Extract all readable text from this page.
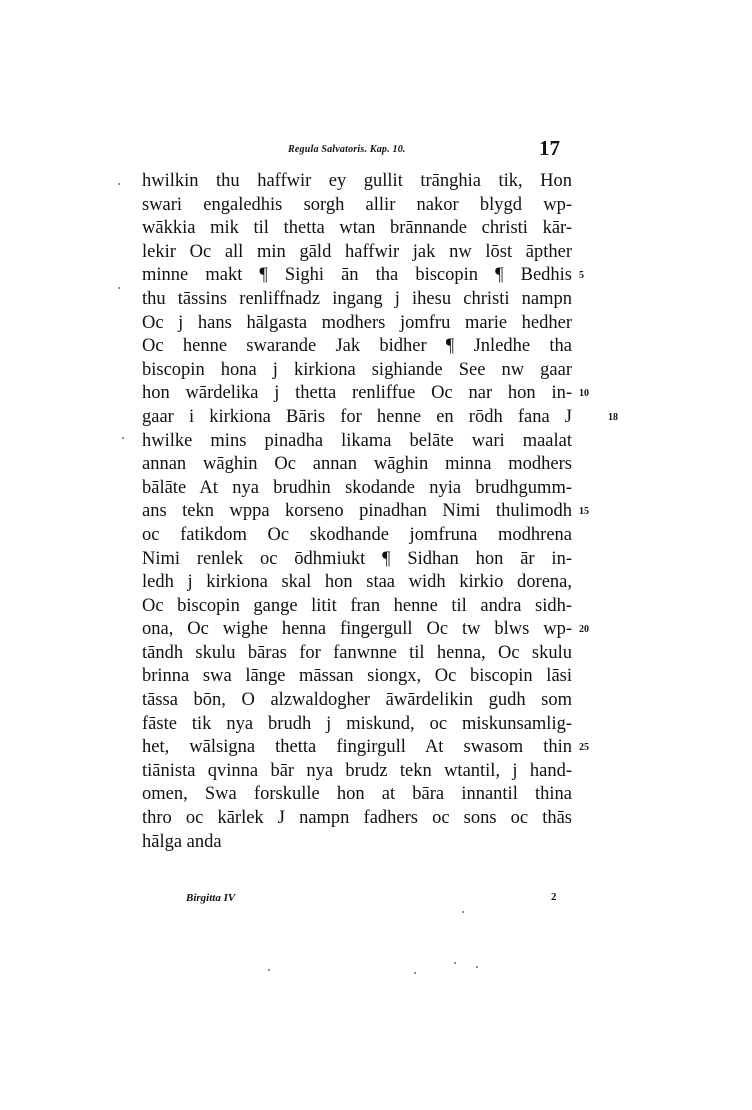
Regula Salvatoris. Kap. 10.	17
hwilkin thu haffwir ey gullit trānghia tik, Hon
swari engaledhis sorgh allir nakor blygd wp-
wākkia mik til thetta wtan brānnande christi kār-
lekir Oc all min gāld haffwir jak nw lōst āpther
minne makt ¶ Sighi ān tha biscopin ¶ Bedhis 5
thu tāssins renliffnadz ingang j ihesu christi nampn
Oc j hans hālgasta modhers jomfru marie hedher
Oc henne swarande Jak bidher ¶ Jnledhe tha
biscopin hona j kirkiona sighiande See nw gaar
hon wārdelika j thetta renliffue Oc nar hon in- 10
gaar i kirkiona Bāris for henne en rōdh fana J	18
hwilke mins pinadha likama belāte wari maalat
annan wāghin Oc annan wāghin minna modhers
bālāte At nya brudhin skodande nyia brudhgumm-
ans tekn wppa korseno pinadhan Nimi thulimodh 15
oc fatikdom Oc skodhande jomfruna modhrena
Nimi renlek oc ōdhmiukt ¶ Sidhan hon ār in-
ledh j kirkiona skal hon staa widh kirkio dorena,
Oc biscopin gange litit fran henne til andra sidh-
ona, Oc wighe henna fingergull Oc tw blws wp- 20
tāndh skulu bāras for fanwnne til henna, Oc skulu
brinna swa lānge māssan siongx, Oc biscopin lāsi
tāssa bōn, O alzwaldogher āwārdelikin gudh som
fāste tik nya brudh j miskund, oc miskunsamlig-
het, wālsigna thetta fingirgull At swasom thin 25
tiānista qvinna bār nya brudz tekn wtantil, j hand-
omen, Swa forskulle hon at bāra innantil thina
thro oc kārlek J nampn fadhers oc sons oc thās
hālga anda
Birgitta IV	2
